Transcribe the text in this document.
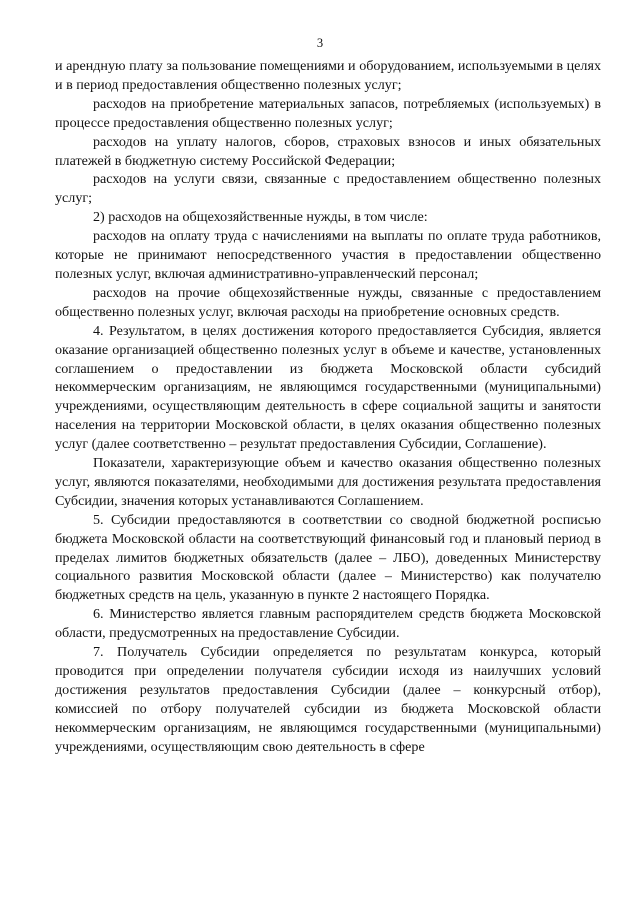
3

и арендную плату за пользование помещениями и оборудованием, используемыми в целях и в период предоставления общественно полезных услуг;

расходов на приобретение материальных запасов, потребляемых (используемых) в процессе предоставления общественно полезных услуг;

расходов на уплату налогов, сборов, страховых взносов и иных обязательных платежей в бюджетную систему Российской Федерации;

расходов на услуги связи, связанные с предоставлением общественно полезных услуг;

2) расходов на общехозяйственные нужды, в том числе:

расходов на оплату труда с начислениями на выплаты по оплате труда работников, которые не принимают непосредственного участия в предоставлении общественно полезных услуг, включая административно-управленческий персонал;

расходов на прочие общехозяйственные нужды, связанные с предоставлением общественно полезных услуг, включая расходы на приобретение основных средств.

4. Результатом, в целях достижения которого предоставляется Субсидия, является оказание организацией общественно полезных услуг в объеме и качестве, установленных соглашением о предоставлении из бюджета Московской области субсидий некоммерческим организациям, не являющимся государственными (муниципальными) учреждениями, осуществляющим деятельность в сфере социальной защиты и занятости населения на территории Московской области, в целях оказания общественно полезных услуг (далее соответственно – результат предоставления Субсидии, Соглашение).

Показатели, характеризующие объем и качество оказания общественно полезных услуг, являются показателями, необходимыми для достижения результата предоставления Субсидии, значения которых устанавливаются Соглашением.

5. Субсидии предоставляются в соответствии со сводной бюджетной росписью бюджета Московской области на соответствующий финансовый год и плановый период в пределах лимитов бюджетных обязательств (далее – ЛБО), доведенных Министерству социального развития Московской области (далее – Министерство) как получателю бюджетных средств на цель, указанную в пункте 2 настоящего Порядка.

6. Министерство является главным распорядителем средств бюджета Московской области, предусмотренных на предоставление Субсидии.

7. Получатель Субсидии определяется по результатам конкурса, который проводится при определении получателя субсидии исходя из наилучших условий достижения результатов предоставления Субсидии (далее – конкурсный отбор), комиссией по отбору получателей субсидии из бюджета Московской области некоммерческим организациям, не являющимся государственными (муниципальными) учреждениями, осуществляющим свою деятельность в сфере
